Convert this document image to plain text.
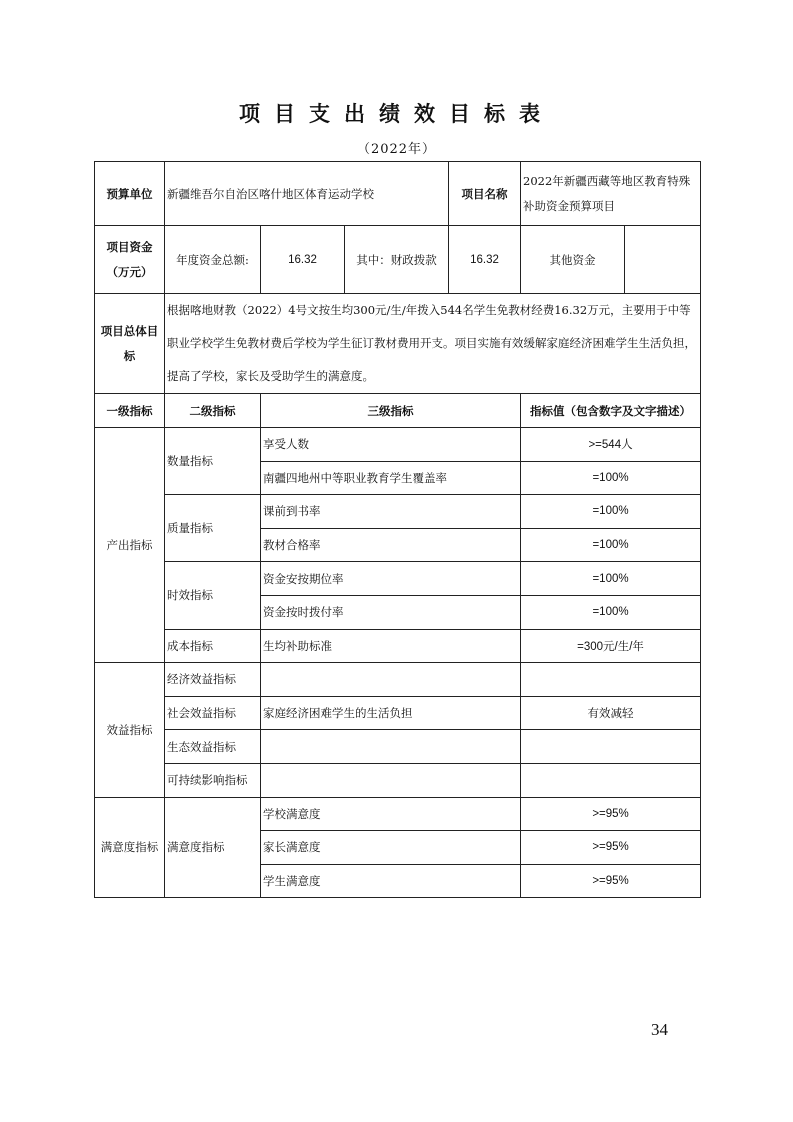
项目支出绩效目标表
（2022年）
预算单位	新疆维吾尔自治区喀什地区体育运动学校			项目名称	2022年新疆西藏等地区教育特殊
补助资金预算项目	

项目资金
（万元）	年度资金总额:	16.32	其中：财政拨款	16.32	其他资金	

项目总体目
标	根据喀地财教（2022）4号文按生均300元/生/年拨入544名学生免教材经费16.32万元，主要用于中等职业学校学生免教材费后学校为学生征订教材费用开支。项目实施有效缓解家庭经济困难学生生活负担，提高了学校，家长及受助学生的满意度。					
一级指标	二级指标	三级指标			指标值（包含数字及文字描述）	
产出指标	数量指标	享受人数			>=544人	
		南疆四地州中等职业教育学生覆盖率			=100%	
	质量指标	课前到书率			=100%	
		教材合格率			=100%	
	时效指标	资金安按期位率			=100%	
		资金按时拨付率			=100%	
	成本指标	生均补助标准			=300元/生/年	
效益指标	经济效益指标					
	社会效益指标	家庭经济困难学生的生活负担			有效减轻	
	生态效益指标					
	可持续影响指标					
满意度指标	满意度指标	学校满意度			>=95%	
		家长满意度			>=95%	
		学生满意度			>=95%	
34
